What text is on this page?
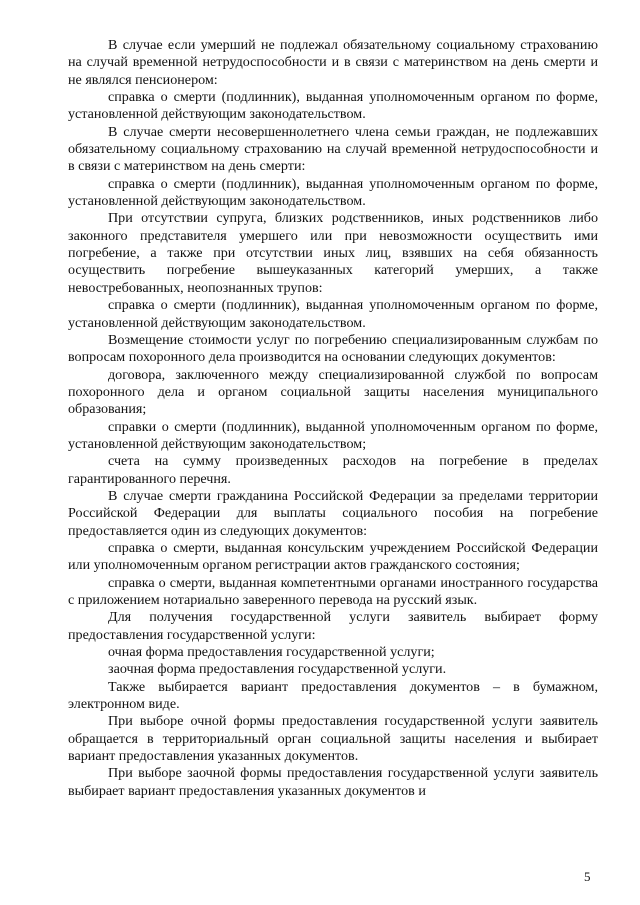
В случае если умерший не подлежал обязательному социальному страхованию на случай временной нетрудоспособности и в связи с материнством на день смерти и не являлся пенсионером:

справка о смерти (подлинник), выданная уполномоченным органом по форме, установленной действующим законодательством.

В случае смерти несовершеннолетнего члена семьи граждан, не подлежавших обязательному социальному страхованию на случай временной нетрудоспособности и в связи с материнством на день смерти:

справка о смерти (подлинник), выданная уполномоченным органом по форме, установленной действующим законодательством.

При отсутствии супруга, близких родственников, иных родственников либо законного представителя умершего или при невозможности осуществить ими погребение, а также при отсутствии иных лиц, взявших на себя обязанность осуществить погребение вышеуказанных категорий умерших, а также невостребованных, неопознанных трупов:

справка о смерти (подлинник), выданная уполномоченным органом по форме, установленной действующим законодательством.

Возмещение стоимости услуг по погребению специализированным службам по вопросам похоронного дела производится на основании следующих документов:

договора, заключенного между специализированной службой по вопросам похоронного дела и органом социальной защиты населения муниципального образования;

справки о смерти (подлинник), выданной уполномоченным органом по форме, установленной действующим законодательством;

счета на сумму произведенных расходов на погребение в пределах гарантированного перечня.

В случае смерти гражданина Российской Федерации за пределами территории Российской Федерации для выплаты социального пособия на погребение предоставляется один из следующих документов:

справка о смерти, выданная консульским учреждением Российской Федерации или уполномоченным органом регистрации актов гражданского состояния;

справка о смерти, выданная компетентными органами иностранного государства с приложением нотариально заверенного перевода на русский язык.

Для получения государственной услуги заявитель выбирает форму предоставления государственной услуги:

очная форма предоставления государственной услуги;

заочная форма предоставления государственной услуги.

Также выбирается вариант предоставления документов – в бумажном, электронном виде.

При выборе очной формы предоставления государственной услуги заявитель обращается в территориальный орган социальной защиты населения и выбирает вариант предоставления указанных документов.

При выборе заочной формы предоставления государственной услуги заявитель выбирает вариант предоставления указанных документов и

5
